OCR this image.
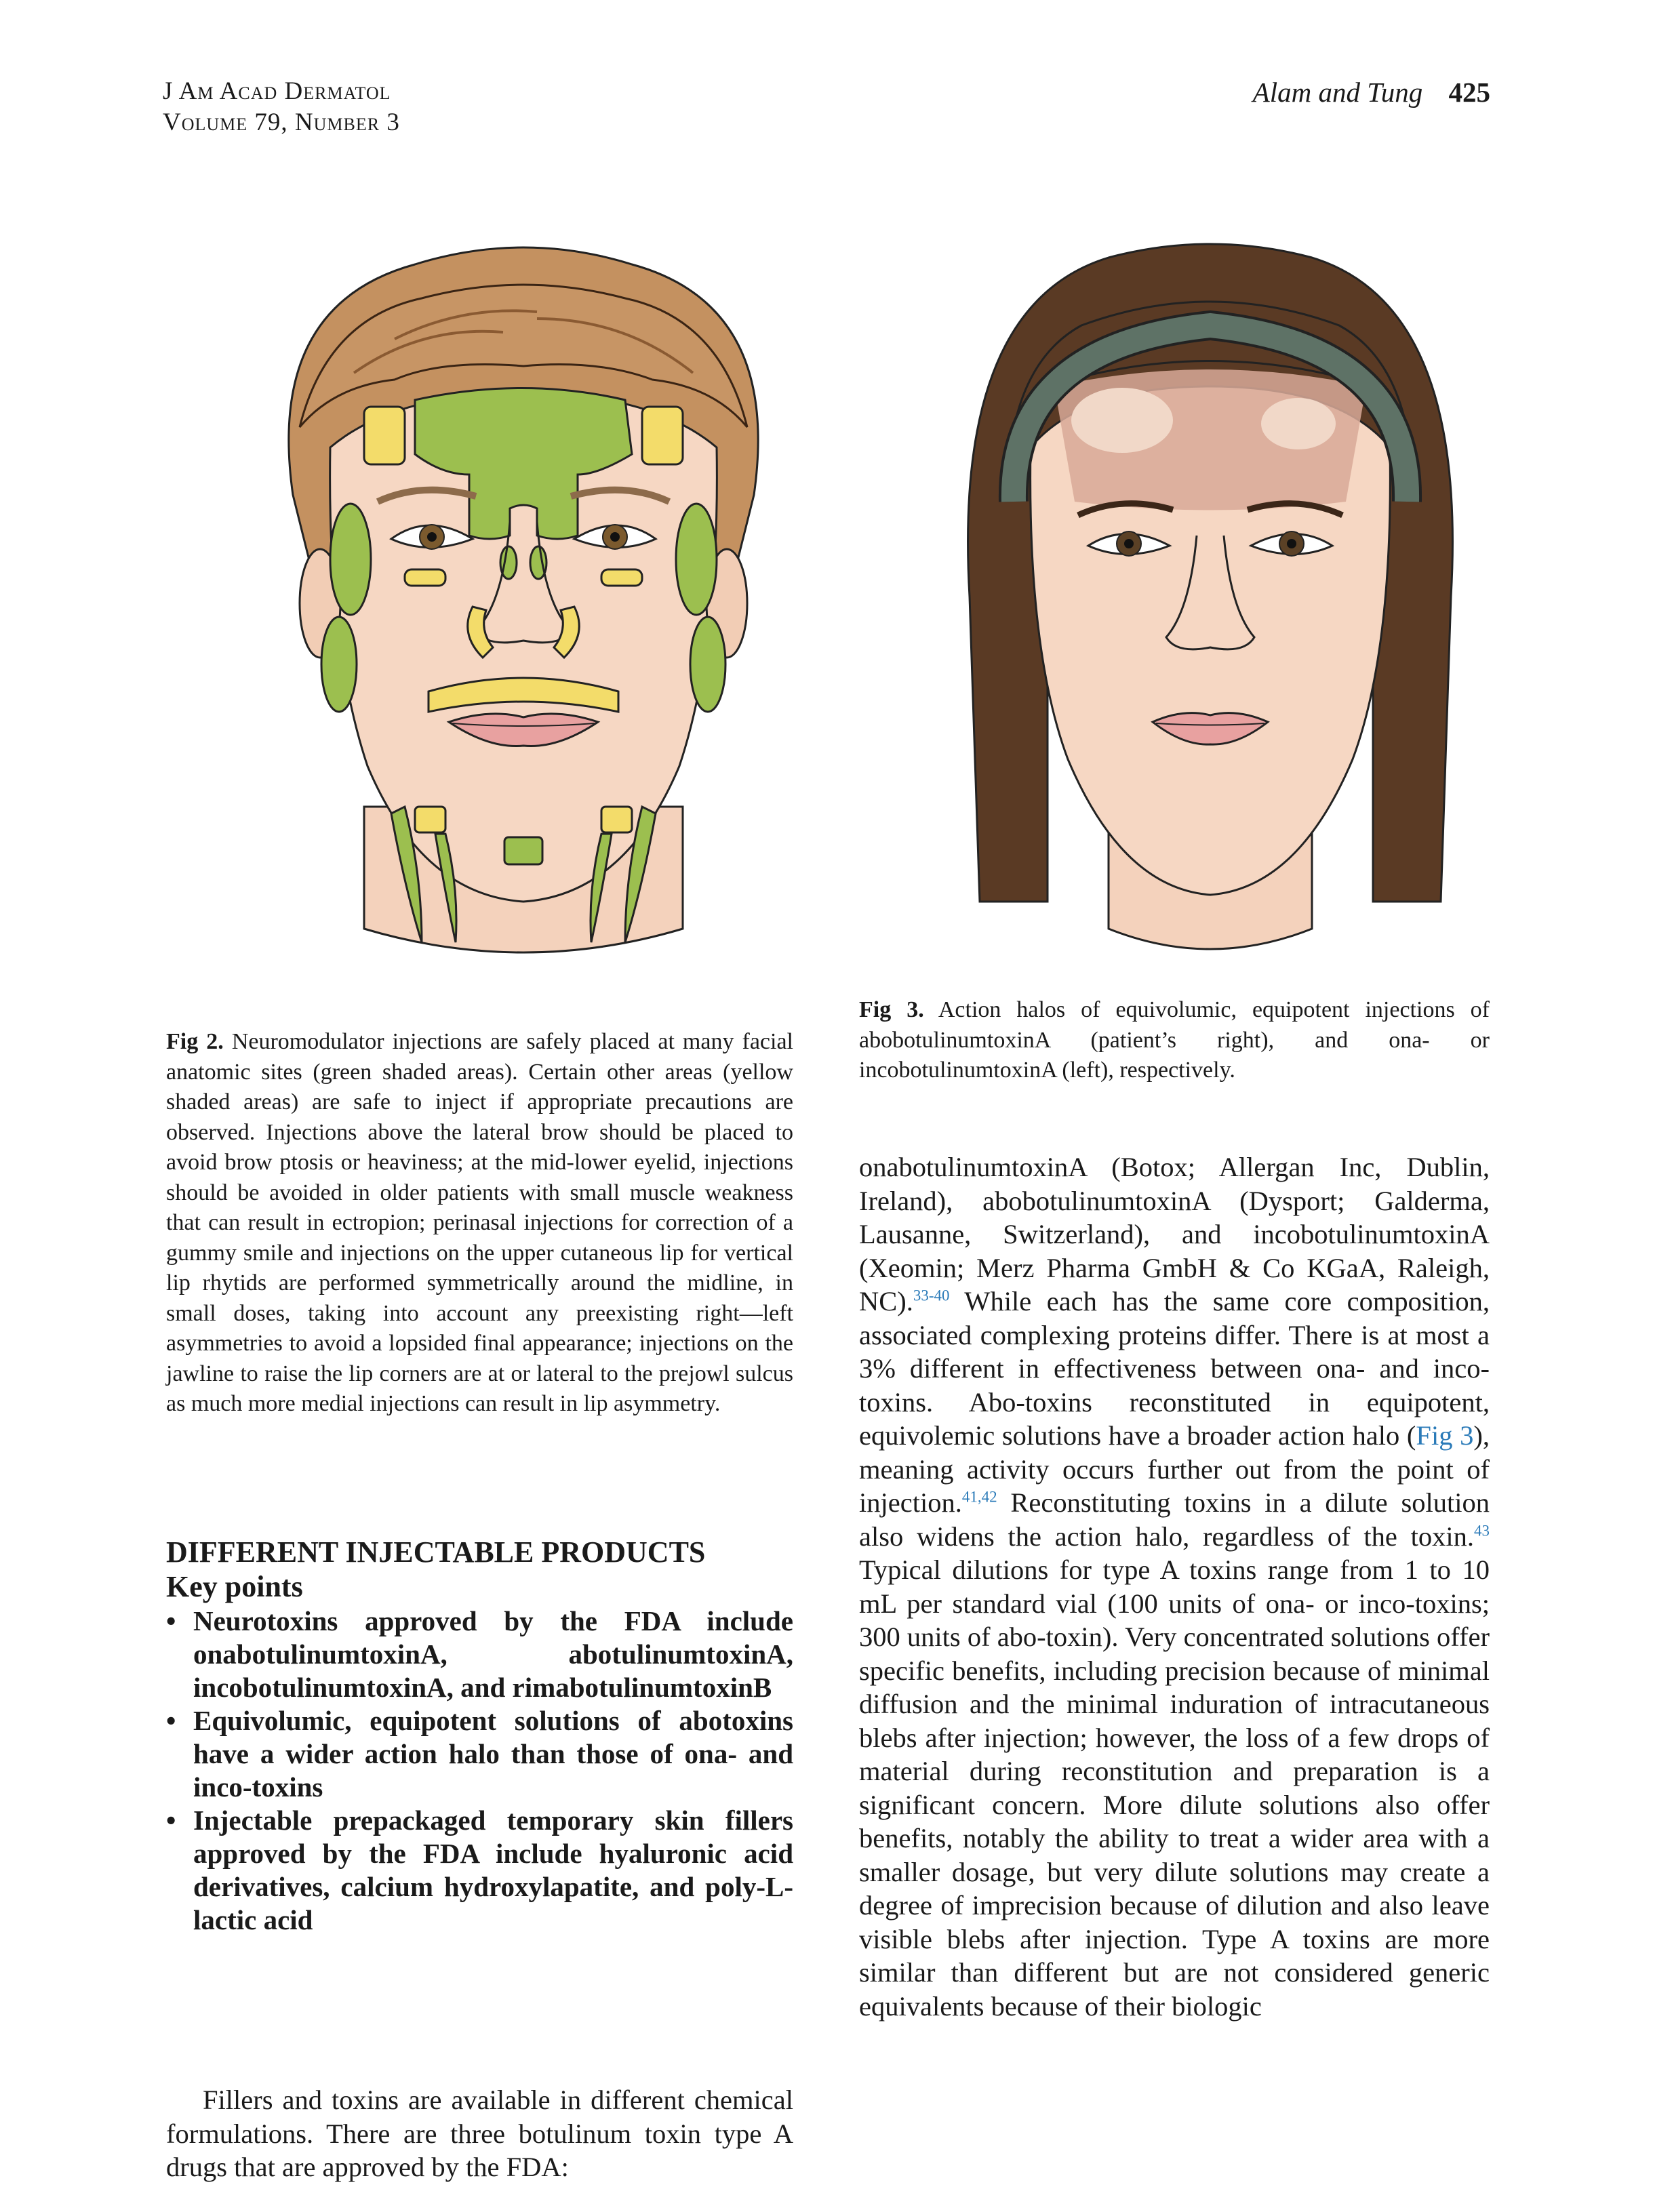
J Am Acad Dermatol
Volume 79, Number 3
Alam and Tung 425
Fig 2. Neuromodulator injections are safely placed at many facial anatomic sites (green shaded areas). Certain other areas (yellow shaded areas) are safe to inject if appropriate precautions are observed. Injections above the lateral brow should be placed to avoid brow ptosis or heaviness; at the mid-lower eyelid, injections should be avoided in older patients with small muscle weakness that can result in ectropion; perinasal injections for correction of a gummy smile and injections on the upper cutaneous lip for vertical lip rhytids are performed symmetrically around the midline, in small doses, taking into account any preexisting right—left asymmetries to avoid a lopsided final appearance; injections on the jawline to raise the lip corners are at or lateral to the prejowl sulcus as much more medial injections can result in lip asymmetry.
Fig 3. Action halos of equivolumic, equipotent injections of abobotulinumtoxinA (patient’s right), and ona- or incobotulinumtoxinA (left), respectively.
DIFFERENT INJECTABLE PRODUCTS
Key points
• Neurotoxins approved by the FDA include onabotulinumtoxinA, abotulinumtoxinA, incobotulinumtoxinA, and rimabotulinumtoxinB
• Equivolumic, equipotent solutions of abotoxins have a wider action halo than those of ona- and inco-toxins
• Injectable prepackaged temporary skin fillers approved by the FDA include hyaluronic acid derivatives, calcium hydroxylapatite, and poly-L-lactic acid
Fillers and toxins are available in different chemical formulations. There are three botulinum toxin type A drugs that are approved by the FDA:
onabotulinumtoxinA (Botox; Allergan Inc, Dublin, Ireland), abobotulinumtoxinA (Dysport; Galderma, Lausanne, Switzerland), and incobotulinumtoxinA (Xeomin; Merz Pharma GmbH & Co KGaA, Raleigh, NC).$^{33-40}$ While each has the same core composition, associated complexing proteins differ. There is at most a 3% different in effectiveness between ona- and inco- toxins. Abo-toxins reconstituted in equipotent, equivolemic solutions have a broader action halo (Fig 3), meaning activity occurs further out from the point of injection.$^{41,42}$ Reconstituting toxins in a dilute solution also widens the action halo, regardless of the toxin.$^{43}$ Typical dilutions for type A toxins range from 1 to 10 mL per standard vial (100 units of ona- or inco-toxins; 300 units of abo-toxin). Very concentrated solutions offer specific benefits, including precision because of minimal diffusion and the minimal induration of intracutaneous blebs after injection; however, the loss of a few drops of material during reconstitution and preparation is a significant concern. More dilute solutions also offer benefits, notably the ability to treat a wider area with a smaller dosage, but very dilute solutions may create a degree of imprecision because of dilution and also leave visible blebs after injection. Type A toxins are more similar than different but are not considered generic equivalents because of their biologic
